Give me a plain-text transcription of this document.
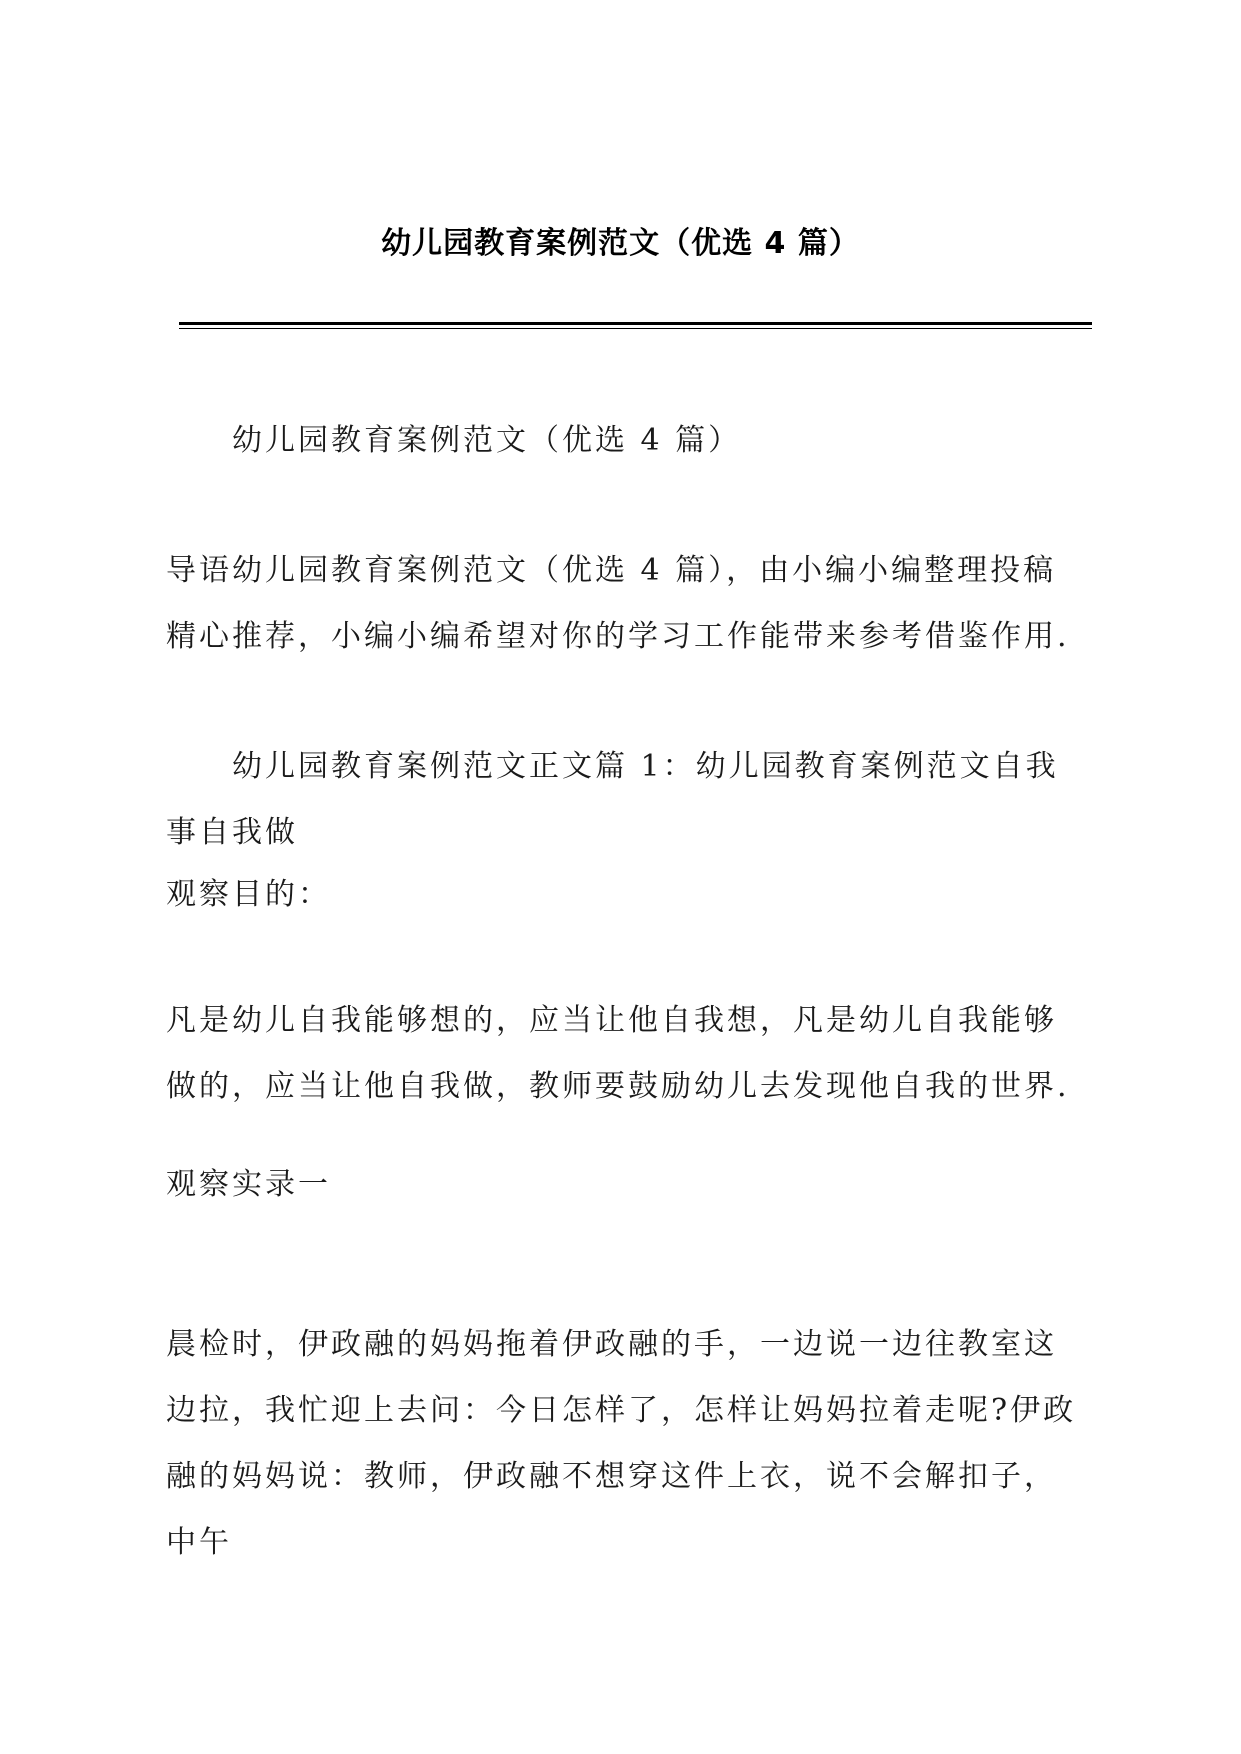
幼儿园教育案例范文（优选 4 篇）
幼儿园教育案例范文（优选 4 篇）
导语幼儿园教育案例范文（优选 4 篇），由小编小编整理投稿精心推荐，小编小编希望对你的学习工作能带来参考借鉴作用.
幼儿园教育案例范文正文篇 1：幼儿园教育案例范文自我事自我做
观察目的：
凡是幼儿自我能够想的，应当让他自我想，凡是幼儿自我能够做的，应当让他自我做，教师要鼓励幼儿去发现他自我的世界.
观察实录一
晨检时，伊政融的妈妈拖着伊政融的手，一边说一边往教室这边拉，我忙迎上去问：今日怎样了，怎样让妈妈拉着走呢?伊政融的妈妈说：教师，伊政融不想穿这件上衣，说不会解扣子，中午
